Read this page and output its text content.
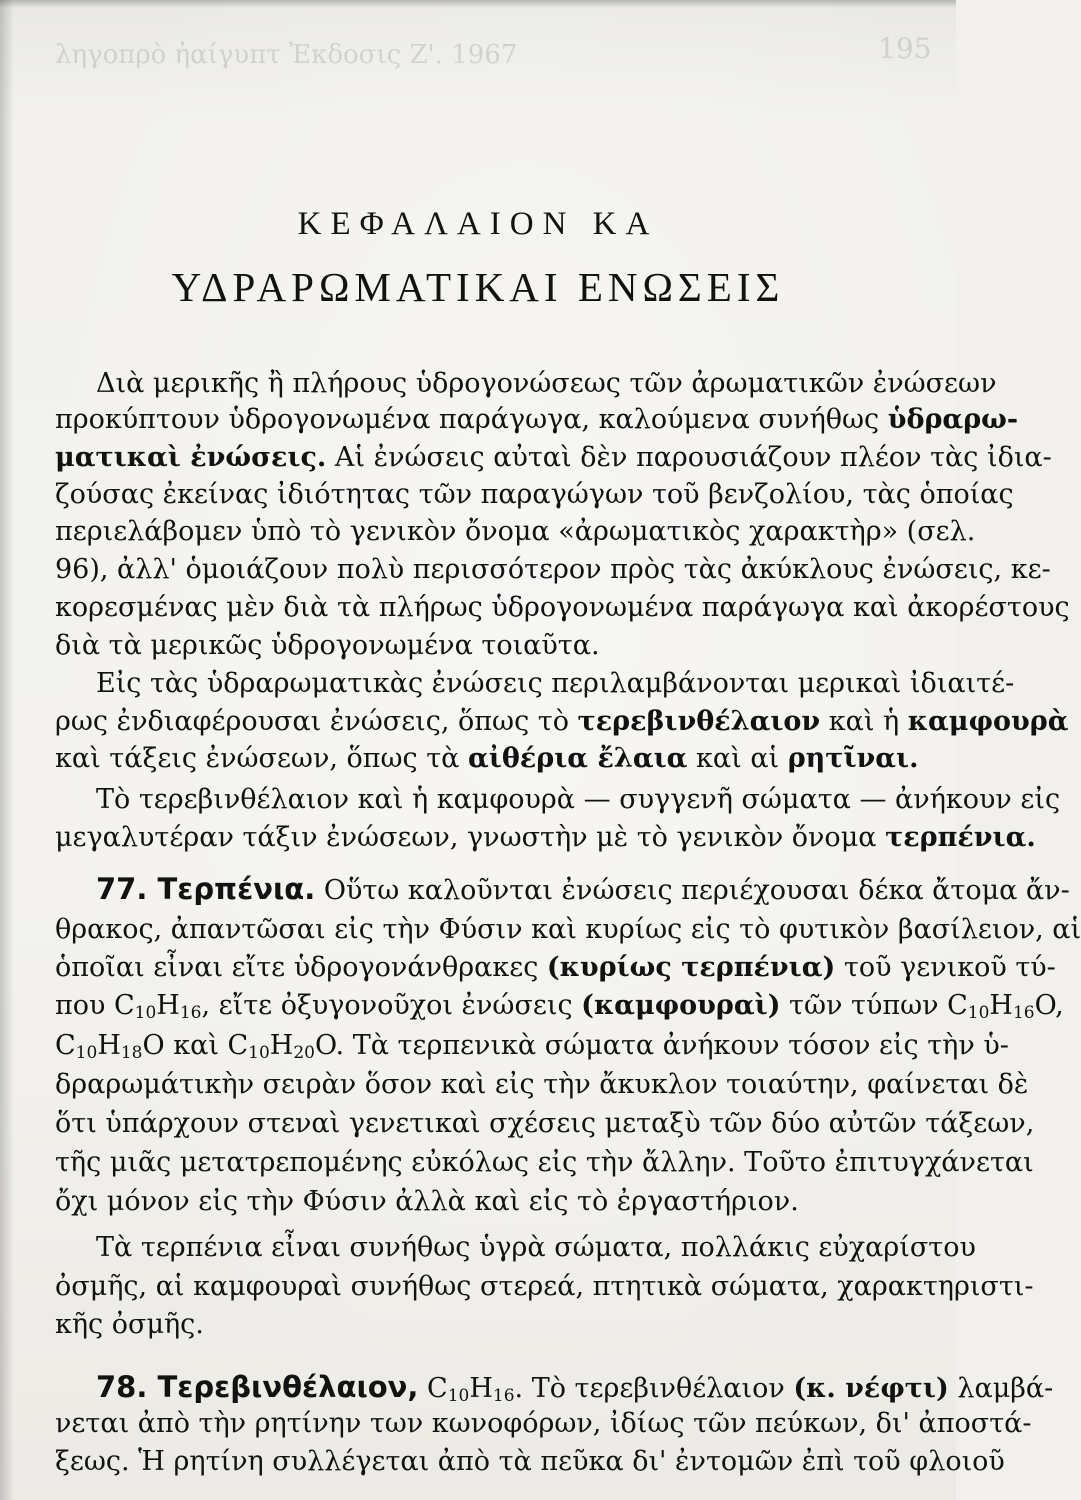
ληγοπρὸ ἠαίγυπτ Ἐκδοσις Ζ'. 1967	195
ΚΕΦΑΛΑΙΟΝ ΚΑ
ΥΔΡΑΡΩΜΑΤΙΚΑΙ ΕΝΩΣΕΙΣ
Διὰ μερικῆς ἢ πλήρους ὑδρογονώσεως τῶν ἀρωματικῶν ἐνώσεων
προκύπτουν ὑδρογονωμένα παράγωγα, καλούμενα συνήθως ὑδραρω-
ματικαὶ ἐνώσεις. Αἱ ἐνώσεις αὐταὶ δὲν παρουσιάζουν πλέον τὰς ἰδια-
ζούσας ἐκείνας ἰδιότητας τῶν παραγώγων τοῦ βενζολίου, τὰς ὁποίας
περιελάβομεν ὑπὸ τὸ γενικὸν ὄνομα «ἀρωματικὸς χαρακτὴρ» (σελ.
96), ἀλλ' ὁμοιάζουν πολὺ περισσότερον πρὸς τὰς ἀκύκλους ἐνώσεις, κε-
κορεσμένας μὲν διὰ τὰ πλήρως ὑδρογονωμένα παράγωγα καὶ ἀκορέστους
διὰ τὰ μερικῶς ὑδρογονωμένα τοιαῦτα.
Εἰς τὰς ὑδραρωματικὰς ἐνώσεις περιλαμβάνονται μερικαὶ ἰδιαιτέ-
ρως ἐνδιαφέρουσαι ἐνώσεις, ὅπως τὸ τερεβινθέλαιον καὶ ἡ καμφουρὰ
καὶ τάξεις ἐνώσεων, ὅπως τὰ αἰθέρια ἔλαια καὶ αἱ ρητῖναι.
Τὸ τερεβινθέλαιον καὶ ἡ καμφουρὰ — συγγενῆ σώματα — ἀνήκουν εἰς
μεγαλυτέραν τάξιν ἐνώσεων, γνωστὴν μὲ τὸ γενικὸν ὄνομα τερπένια.
77. Τερπένια. Οὕτω καλοῦνται ἐνώσεις περιέχουσαι δέκα ἄτομα ἄν-
θρακος, ἀπαντῶσαι εἰς τὴν Φύσιν καὶ κυρίως εἰς τὸ φυτικὸν βασίλειον, αἱ
ὁποῖαι εἶναι εἴτε ὑδρογονάνθρακες (κυρίως τερπένια) τοῦ γενικοῦ τύ-
που $C_{10}H_{16}$, εἴτε ὀξυγονοῦχοι ἐνώσεις (καμφουραὶ) τῶν τύπων $C_{10}H_{16}O$,
$C_{10}H_{18}O$ καὶ $C_{10}H_{20}O$. Τὰ τερπενικὰ σώματα ἀνήκουν τόσον εἰς τὴν ὑ-
δραρωμάτικὴν σειρὰν ὅσον καὶ εἰς τὴν ἄκυκλον τοιαύτην, φαίνεται δὲ
ὅτι ὑπάρχουν στεναὶ γενετικαὶ σχέσεις μεταξὺ τῶν δύο αὐτῶν τάξεων,
τῆς μιᾶς μετατρεπομένης εὐκόλως εἰς τὴν ἄλλην. Τοῦτο ἐπιτυγχάνεται
ὄχι μόνον εἰς τὴν Φύσιν ἀλλὰ καὶ εἰς τὸ ἐργαστήριον.
Τὰ τερπένια εἶναι συνήθως ὑγρὰ σώματα, πολλάκις εὐχαρίστου
ὀσμῆς, αἱ καμφουραὶ συνήθως στερεά, πτητικὰ σώματα, χαρακτηριστι-
κῆς ὀσμῆς.
78. Τερεβινθέλαιον, $C_{10}H_{16}$. Τὸ τερεβινθέλαιον (κ. νέφτι) λαμβά-
νεται ἀπὸ τὴν ρητίνην των κωνοφόρων, ἰδίως τῶν πεύκων, δι' ἀποστά-
ξεως. Ἡ ρητίνη συλλέγεται ἀπὸ τὰ πεῦκα δι' ἐντομῶν ἐπὶ τοῦ φλοιοῦ
